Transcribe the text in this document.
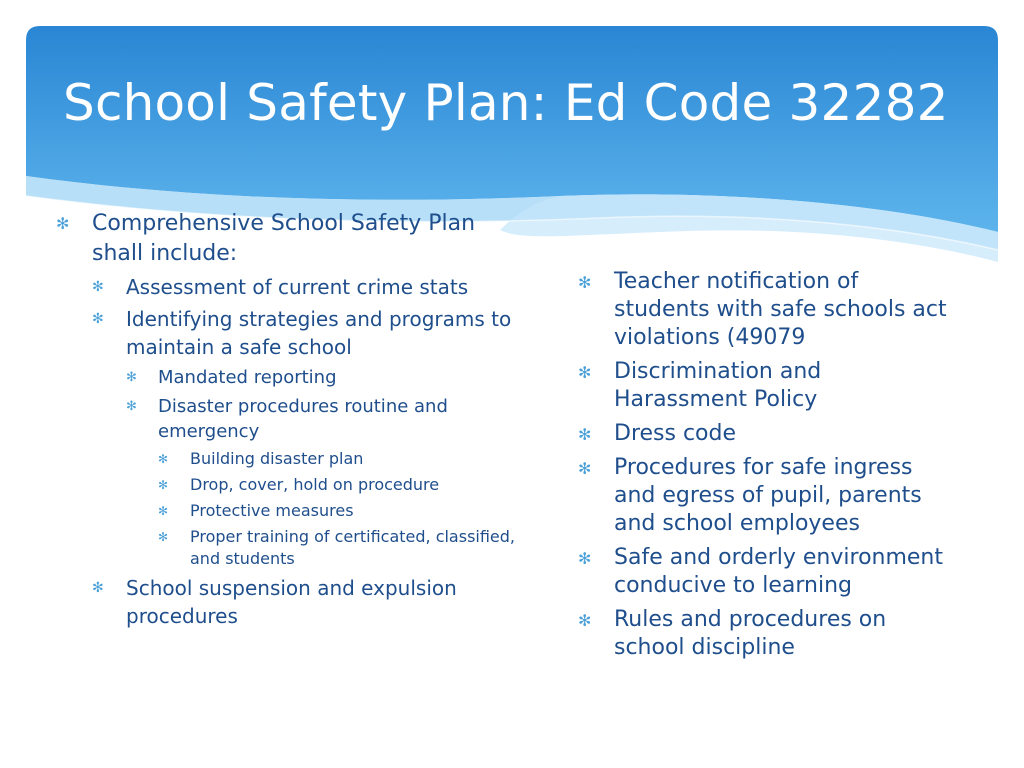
School Safety Plan: Ed Code 32282
✻ Comprehensive School Safety Plan shall include:
✻ Assessment of current crime stats
✻ Identifying strategies and programs to maintain a safe school
✻ Mandated reporting
✻ Disaster procedures routine and emergency
✻ Building disaster plan
✻ Drop, cover, hold on procedure
✻ Protective measures
✻ Proper training of certificated, classified, and students
✻ School suspension and expulsion procedures
✻ Teacher notification of students with safe schools act violations (49079
✻ Discrimination and Harassment Policy
✻ Dress code
✻ Procedures for safe ingress and egress of pupil, parents and school employees
✻ Safe and orderly environment conducive to learning
✻ Rules and procedures on school discipline
